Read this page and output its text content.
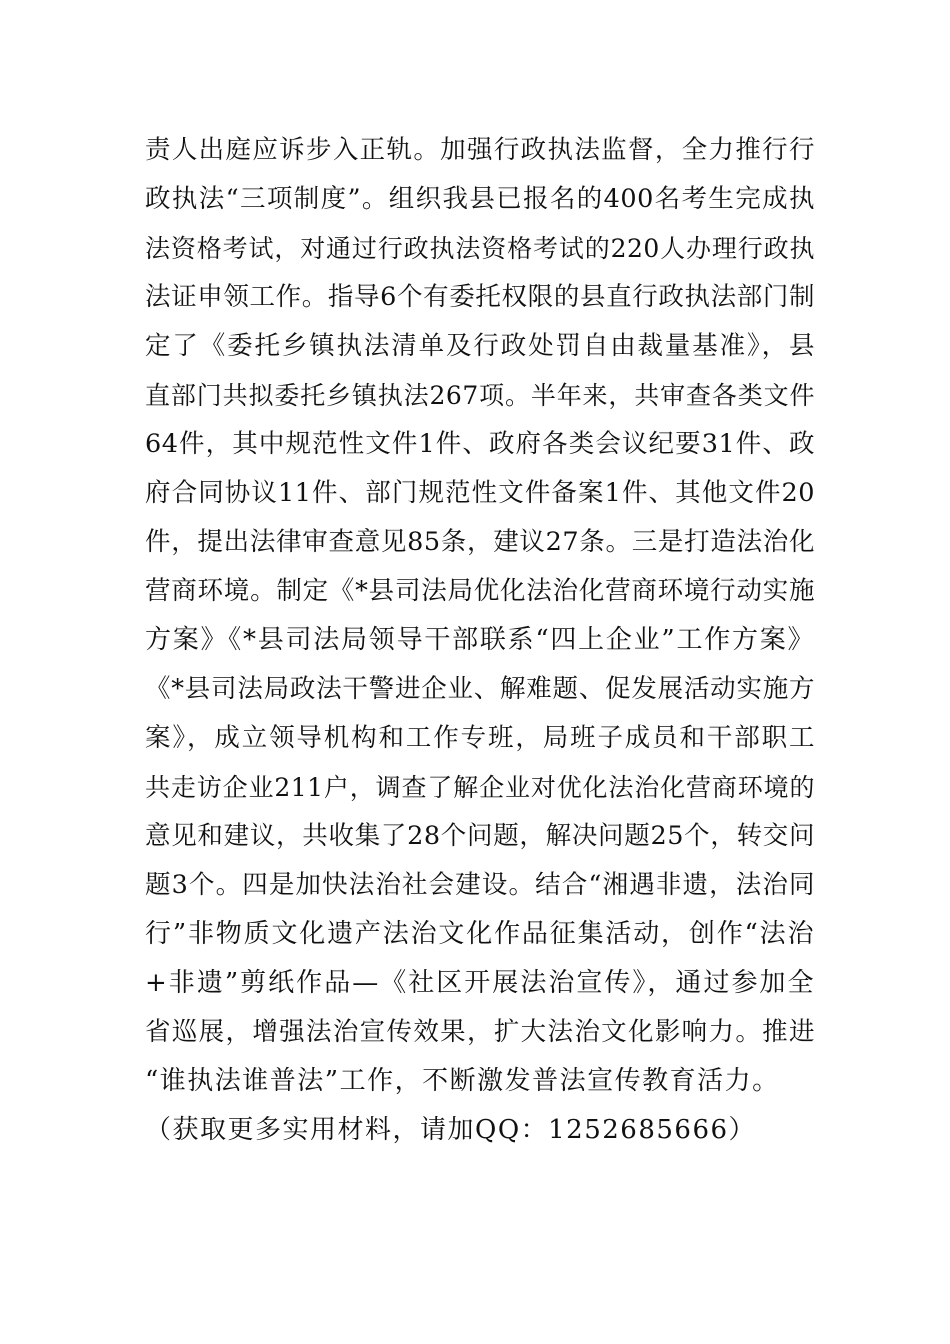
责人出庭应诉步入正轨。加强行政执法监督，全力推行行
政执法“三项制度”。组织我县已报名的400名考生完成执
法资格考试，对通过行政执法资格考试的220人办理行政执
法证申领工作。指导6个有委托权限的县直行政执法部门制
定了《委托乡镇执法清单及行政处罚自由裁量基准》，县
直部门共拟委托乡镇执法267项。半年来，共审查各类文件
64件，其中规范性文件1件、政府各类会议纪要31件、政
府合同协议11件、部门规范性文件备案1件、其他文件20
件，提出法律审查意见85条，建议27条。三是打造法治化
营商环境。制定《*县司法局优化法治化营商环境行动实施
方案》《*县司法局领导干部联系“四上企业”工作方案》
《*县司法局政法干警进企业、解难题、促发展活动实施方
案》，成立领导机构和工作专班，局班子成员和干部职工
共走访企业211户，调查了解企业对优化法治化营商环境的
意见和建议，共收集了28个问题，解决问题25个，转交问
题3个。四是加快法治社会建设。结合“湘遇非遗，法治同
行”非物质文化遗产法治文化作品征集活动，创作“法治
+非遗”剪纸作品—《社区开展法治宣传》，通过参加全
省巡展，增强法治宣传效果，扩大法治文化影响力。推进
“谁执法谁普法”工作，不断激发普法宣传教育活力。
（获取更多实用材料，请加QQ：1252685666）
